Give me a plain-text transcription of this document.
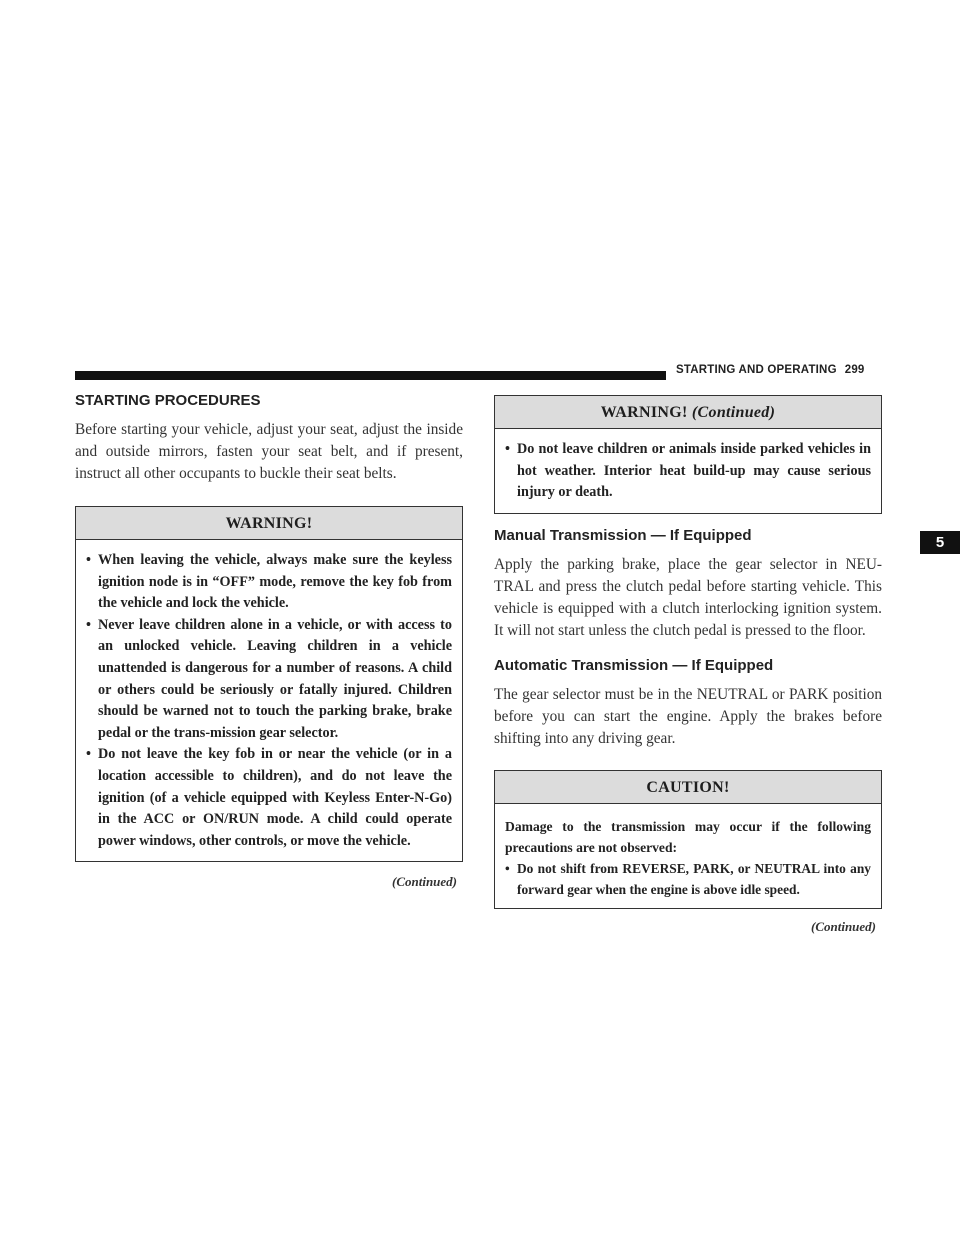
STARTING AND OPERATING 299
5
STARTING PROCEDURES

Before starting your vehicle, adjust your seat, adjust the inside and outside mirrors, fasten your seat belt, and if present, instruct all other occupants to buckle their seat belts.

WARNING!
• When leaving the vehicle, always make sure the keyless ignition node is in “OFF” mode, remove the key fob from the vehicle and lock the vehicle.
• Never leave children alone in a vehicle, or with access to an unlocked vehicle. Leaving children in a vehicle unattended is dangerous for a number of reasons. A child or others could be seriously or fatally injured. Children should be warned not to touch the parking brake, brake pedal or the trans-mission gear selector.
• Do not leave the key fob in or near the vehicle (or in a location accessible to children), and do not leave the ignition (of a vehicle equipped with Keyless Enter-N-Go) in the ACC or ON/RUN mode. A child could operate power windows, other controls, or move the vehicle.
(Continued)
WARNING! (Continued)
• Do not leave children or animals inside parked vehicles in hot weather. Interior heat build-up may cause serious injury or death.
Manual Transmission — If Equipped

Apply the parking brake, place the gear selector in NEU-TRAL and press the clutch pedal before starting vehicle. This vehicle is equipped with a clutch interlocking ignition system. It will not start unless the clutch pedal is pressed to the floor.

Automatic Transmission — If Equipped

The gear selector must be in the NEUTRAL or PARK position before you can start the engine. Apply the brakes before shifting into any driving gear.

CAUTION!
Damage to the transmission may occur if the following precautions are not observed:
• Do not shift from REVERSE, PARK, or NEUTRAL into any forward gear when the engine is above idle speed.
(Continued)
